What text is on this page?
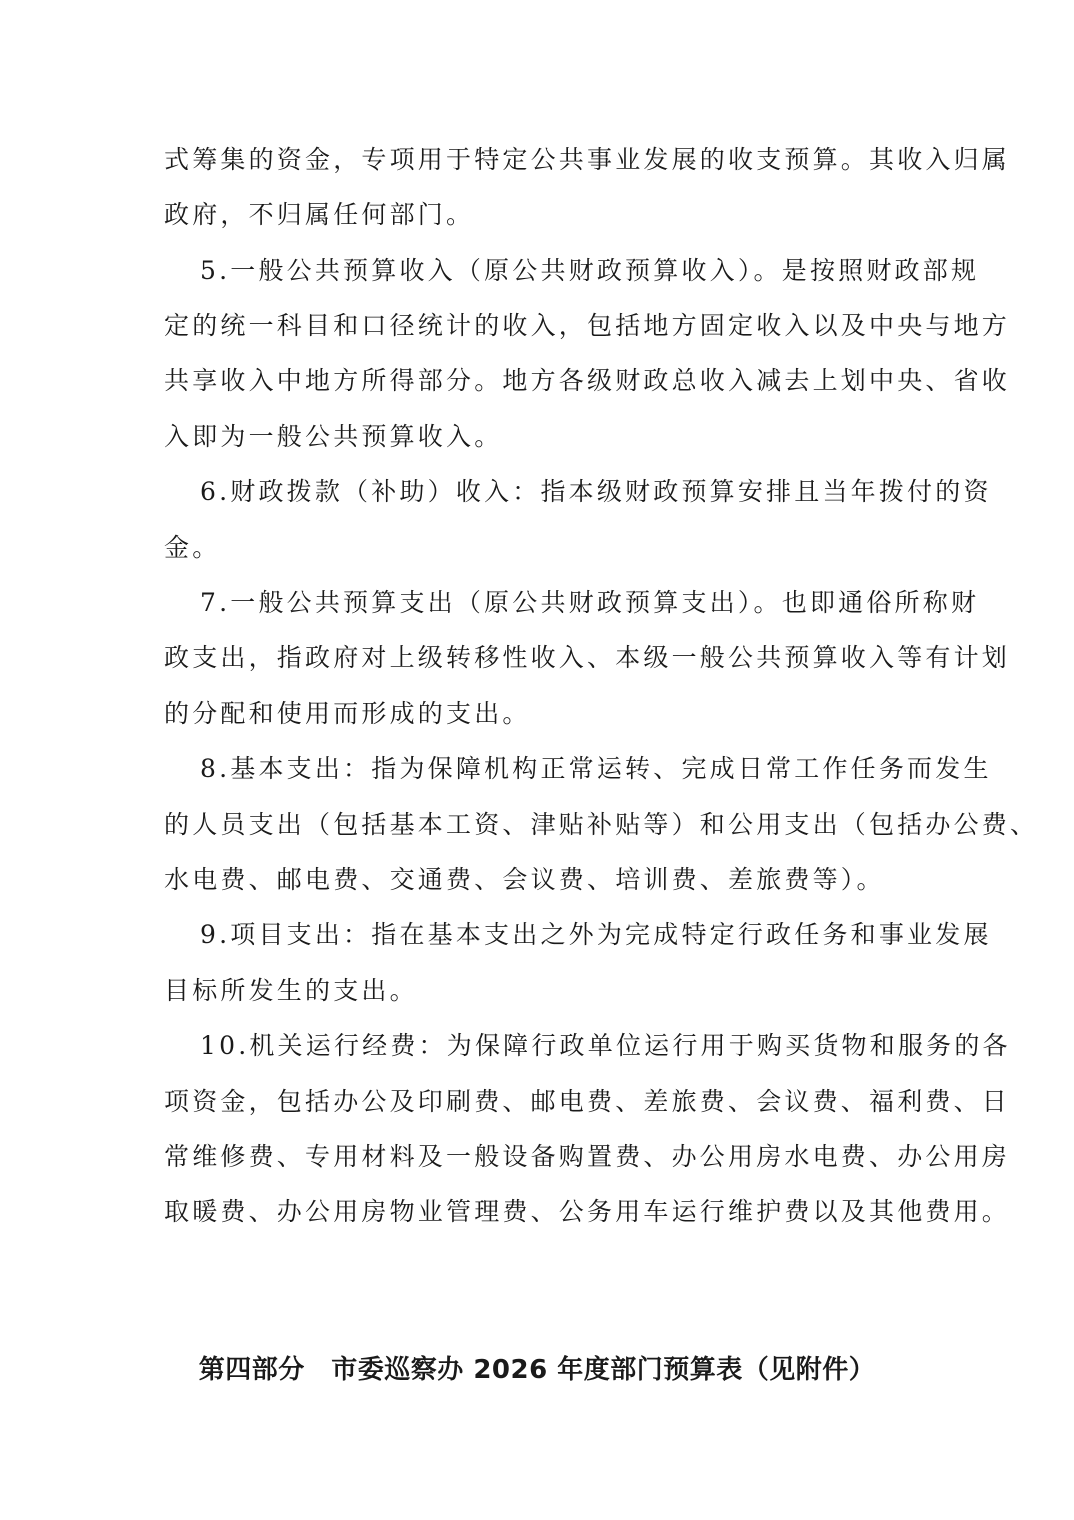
式筹集的资金，专项用于特定公共事业发展的收支预算。其收入归属
政府，不归属任何部门。
5.一般公共预算收入（原公共财政预算收入）。是按照财政部规
定的统一科目和口径统计的收入，包括地方固定收入以及中央与地方
共享收入中地方所得部分。地方各级财政总收入减去上划中央、省收
入即为一般公共预算收入。
6.财政拨款（补助）收入：指本级财政预算安排且当年拨付的资
金。
7.一般公共预算支出（原公共财政预算支出）。也即通俗所称财
政支出，指政府对上级转移性收入、本级一般公共预算收入等有计划
的分配和使用而形成的支出。
8.基本支出：指为保障机构正常运转、完成日常工作任务而发生
的人员支出（包括基本工资、津贴补贴等）和公用支出（包括办公费、
水电费、邮电费、交通费、会议费、培训费、差旅费等）。
9.项目支出：指在基本支出之外为完成特定行政任务和事业发展
目标所发生的支出。
10.机关运行经费：为保障行政单位运行用于购买货物和服务的各
项资金，包括办公及印刷费、邮电费、差旅费、会议费、福利费、日
常维修费、专用材料及一般设备购置费、办公用房水电费、办公用房
取暖费、办公用房物业管理费、公务用车运行维护费以及其他费用。
第四部分　市委巡察办 2026 年度部门预算表（见附件）
